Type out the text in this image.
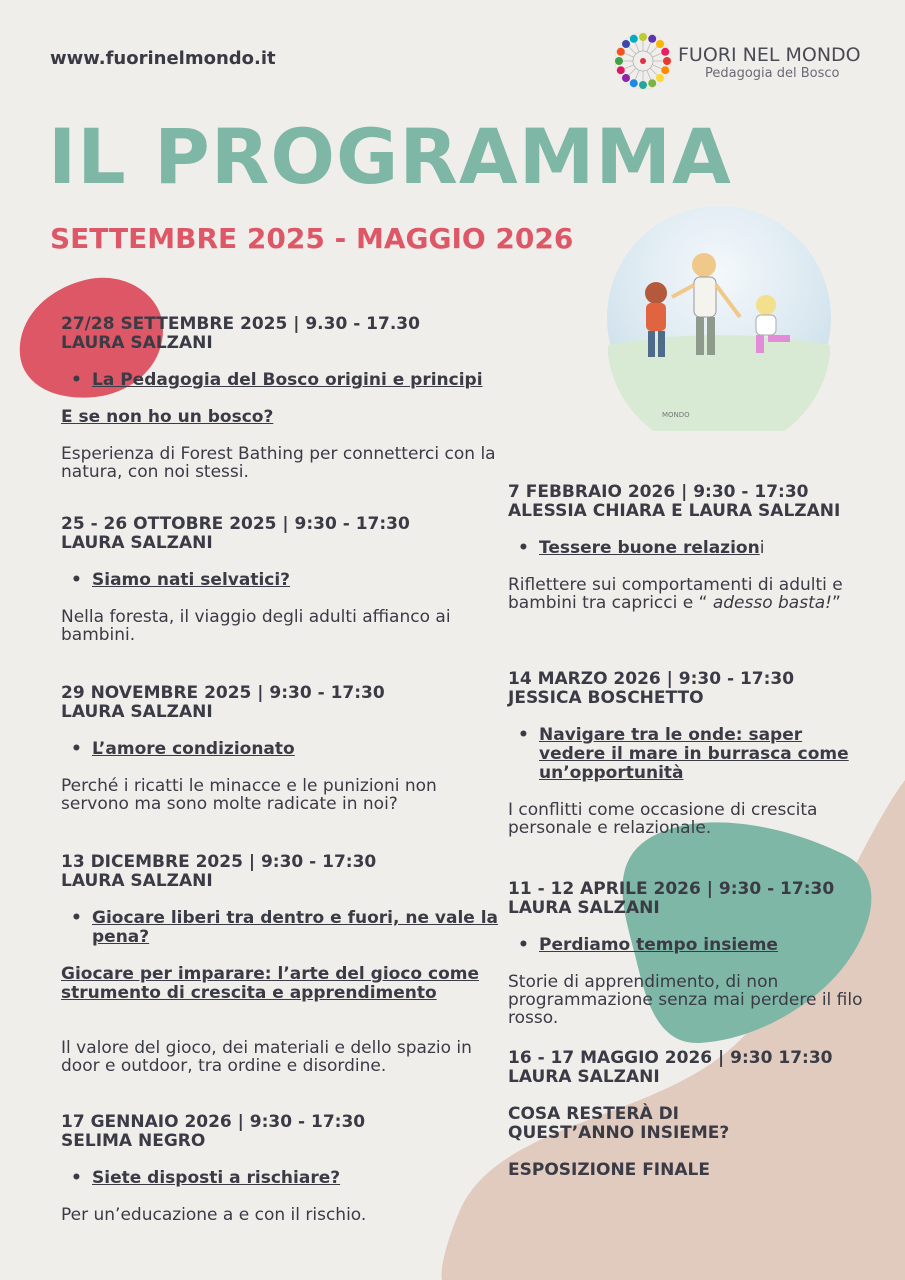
www.fuorinelmondo.it	FUORI NEL MONDO
Pedagogia del Bosco
IL PROGRAMMA
SETTEMBRE 2025 - MAGGIO 2026
MONDO
27/28 SETTEMBRE 2025 | 9.30 - 17.30
LAURA SALZANI
• La Pedagogia del Bosco origini e principi
E se non ho un bosco?
Esperienza di Forest Bathing per connetterci con la natura, con noi stessi.
25 - 26 OTTOBRE 2025 | 9:30 - 17:30
LAURA SALZANI
• Siamo nati selvatici?
Nella foresta, il viaggio degli adulti affianco ai bambini.
29 NOVEMBRE 2025 | 9:30 - 17:30
LAURA SALZANI
• L’amore condizionato
Perché i ricatti le minacce e le punizioni non servono ma sono molte radicate in noi?
13 DICEMBRE 2025 | 9:30 - 17:30
LAURA SALZANI
• Giocare liberi tra dentro e fuori, ne vale la pena?
Giocare per imparare: l’arte del gioco come strumento di crescita e apprendimento
Il valore del gioco, dei materiali e dello spazio in door e outdoor, tra ordine e disordine.
17 GENNAIO 2026 | 9:30 - 17:30
SELIMA NEGRO
• Siete disposti a rischiare?
Per un’educazione a e con il rischio.
7 FEBBRAIO 2026 | 9:30 - 17:30
ALESSIA CHIARA E LAURA SALZANI
• Tessere buone relazioni
Riflettere sui comportamenti di adulti e bambini tra capricci e “ adesso basta!”
14 MARZO 2026 | 9:30 - 17:30
JESSICA BOSCHETTO
• Navigare tra le onde: saper vedere il mare in burrasca come un’opportunità
I conflitti come occasione di crescita personale e relazionale.
11 - 12 APRILE 2026 | 9:30 - 17:30
LAURA SALZANI
• Perdiamo tempo insieme
Storie di apprendimento, di non programmazione senza mai perdere il filo rosso.
16 - 17 MAGGIO 2026 | 9:30 17:30
LAURA SALZANI
COSA RESTERÀ DI QUEST’ANNO INSIEME?
ESPOSIZIONE FINALE
